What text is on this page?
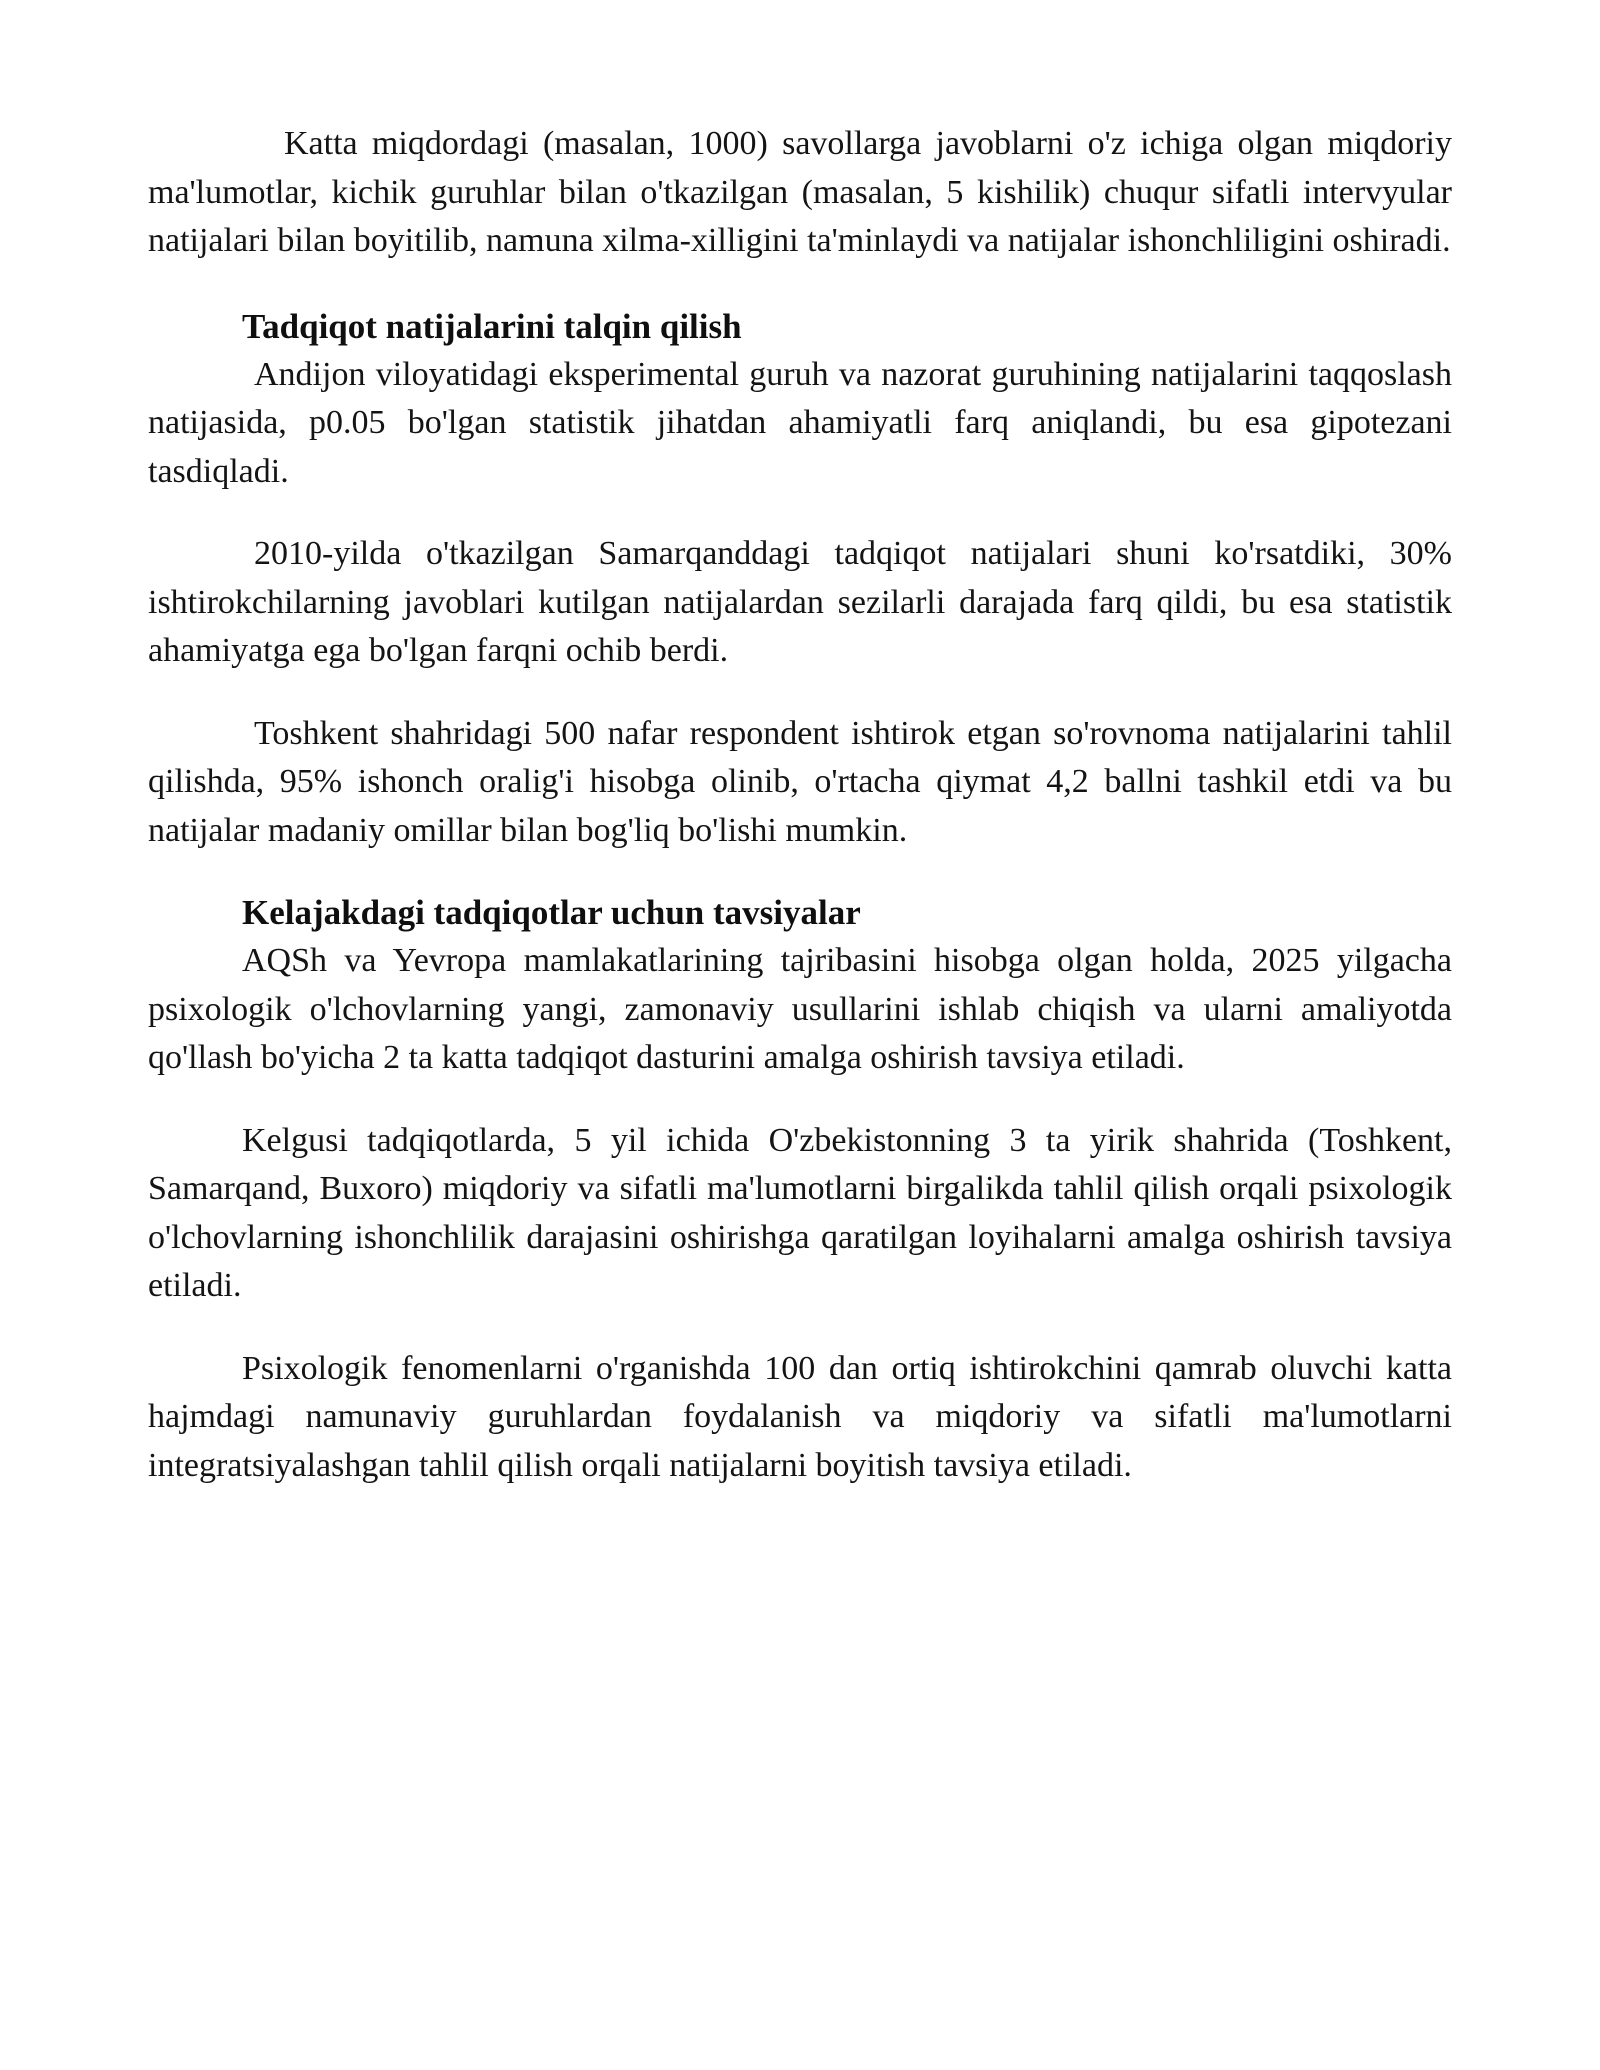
Katta miqdordagi (masalan, 1000) savollarga javoblarni o'z ichiga olgan miqdoriy ma'lumotlar, kichik guruhlar bilan o'tkazilgan (masalan, 5 kishilik) chuqur sifatli intervyular natijalari bilan boyitilib, namuna xilma-xilligini ta'minlaydi va natijalar ishonchliligini oshiradi.

Tadqiqot natijalarini talqin qilish

Andijon viloyatidagi eksperimental guruh va nazorat guruhining natijalarini taqqoslash natijasida, p0.05 bo'lgan statistik jihatdan ahamiyatli farq aniqlandi, bu esa gipotezani tasdiqladi.

2010-yilda o'tkazilgan Samarqanddagi tadqiqot natijalari shuni ko'rsatdiki, 30% ishtirokchilarning javoblari kutilgan natijalardan sezilarli darajada farq qildi, bu esa statistik ahamiyatga ega bo'lgan farqni ochib berdi.

Toshkent shahridagi 500 nafar respondent ishtirok etgan so'rovnoma natijalarini tahlil qilishda, 95% ishonch oralig'i hisobga olinib, o'rtacha qiymat 4,2 ballni tashkil etdi va bu natijalar madaniy omillar bilan bog'liq bo'lishi mumkin.

Kelajakdagi tadqiqotlar uchun tavsiyalar

AQSh va Yevropa mamlakatlarining tajribasini hisobga olgan holda, 2025 yilgacha psixologik o'lchovlarning yangi, zamonaviy usullarini ishlab chiqish va ularni amaliyotda qo'llash bo'yicha 2 ta katta tadqiqot dasturini amalga oshirish tavsiya etiladi.

Kelgusi tadqiqotlarda, 5 yil ichida O'zbekistonning 3 ta yirik shahrida (Toshkent, Samarqand, Buxoro) miqdoriy va sifatli ma'lumotlarni birgalikda tahlil qilish orqali psixologik o'lchovlarning ishonchlilik darajasini oshirishga qaratilgan loyihalarni amalga oshirish tavsiya etiladi.

Psixologik fenomenlarni o'rganishda 100 dan ortiq ishtirokchini qamrab oluvchi katta hajmdagi namunaviy guruhlardan foydalanish va miqdoriy va sifatli ma'lumotlarni integratsiyalashgan tahlil qilish orqali natijalarni boyitish tavsiya etiladi.
